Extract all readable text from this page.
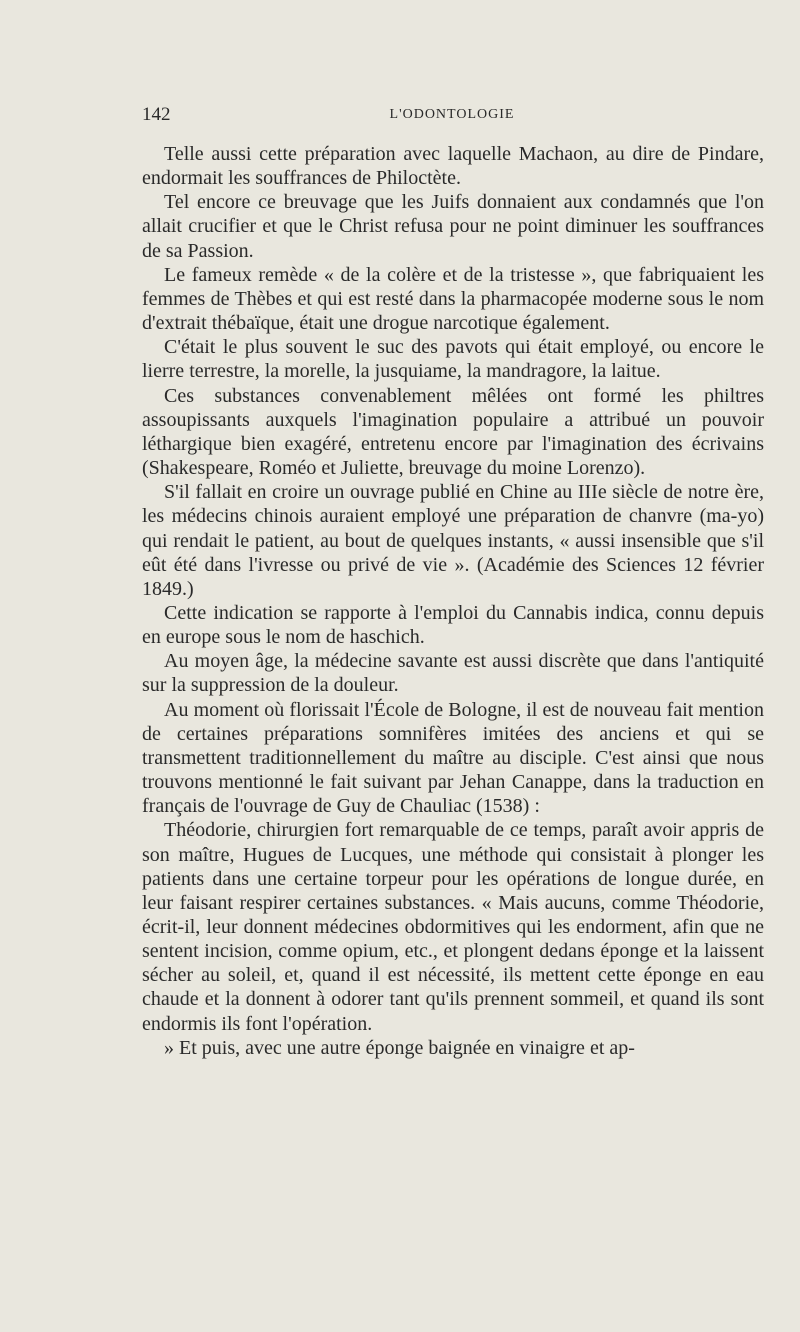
142	L'ODONTOLOGIE

Telle aussi cette préparation avec laquelle Machaon, au dire de Pindare, endormait les souffrances de Philoctète.

Tel encore ce breuvage que les Juifs donnaient aux condamnés que l'on allait crucifier et que le Christ refusa pour ne point diminuer les souffrances de sa Passion.

Le fameux remède « de la colère et de la tristesse », que fabriquaient les femmes de Thèbes et qui est resté dans la pharmacopée moderne sous le nom d'extrait thébaïque, était une drogue narcotique également.

C'était le plus souvent le suc des pavots qui était employé, ou encore le lierre terrestre, la morelle, la jusquiame, la mandragore, la laitue.

Ces substances convenablement mêlées ont formé les philtres assoupissants auxquels l'imagination populaire a attribué un pouvoir léthargique bien exagéré, entretenu encore par l'imagination des écrivains (Shakespeare, Roméo et Juliette, breuvage du moine Lorenzo).

S'il fallait en croire un ouvrage publié en Chine au IIIe siècle de notre ère, les médecins chinois auraient employé une préparation de chanvre (ma-yo) qui rendait le patient, au bout de quelques instants, « aussi insensible que s'il eût été dans l'ivresse ou privé de vie ». (Académie des Sciences 12 février 1849.)

Cette indication se rapporte à l'emploi du Cannabis indica, connu depuis en europe sous le nom de haschich.

Au moyen âge, la médecine savante est aussi discrète que dans l'antiquité sur la suppression de la douleur.

Au moment où florissait l'École de Bologne, il est de nouveau fait mention de certaines préparations somnifères imitées des anciens et qui se transmettent traditionnellement du maître au disciple. C'est ainsi que nous trouvons mentionné le fait suivant par Jehan Canappe, dans la traduction en français de l'ouvrage de Guy de Chauliac (1538) :

Théodorie, chirurgien fort remarquable de ce temps, paraît avoir appris de son maître, Hugues de Lucques, une méthode qui consistait à plonger les patients dans une certaine torpeur pour les opérations de longue durée, en leur faisant respirer certaines substances. « Mais aucuns, comme Théodorie, écrit-il, leur donnent médecines obdormitives qui les endorment, afin que ne sentent incision, comme opium, etc., et plongent dedans éponge et la laissent sécher au soleil, et, quand il est nécessité, ils mettent cette éponge en eau chaude et la donnent à odorer tant qu'ils prennent sommeil, et quand ils sont endormis ils font l'opération.

» Et puis, avec une autre éponge baignée en vinaigre et ap-
